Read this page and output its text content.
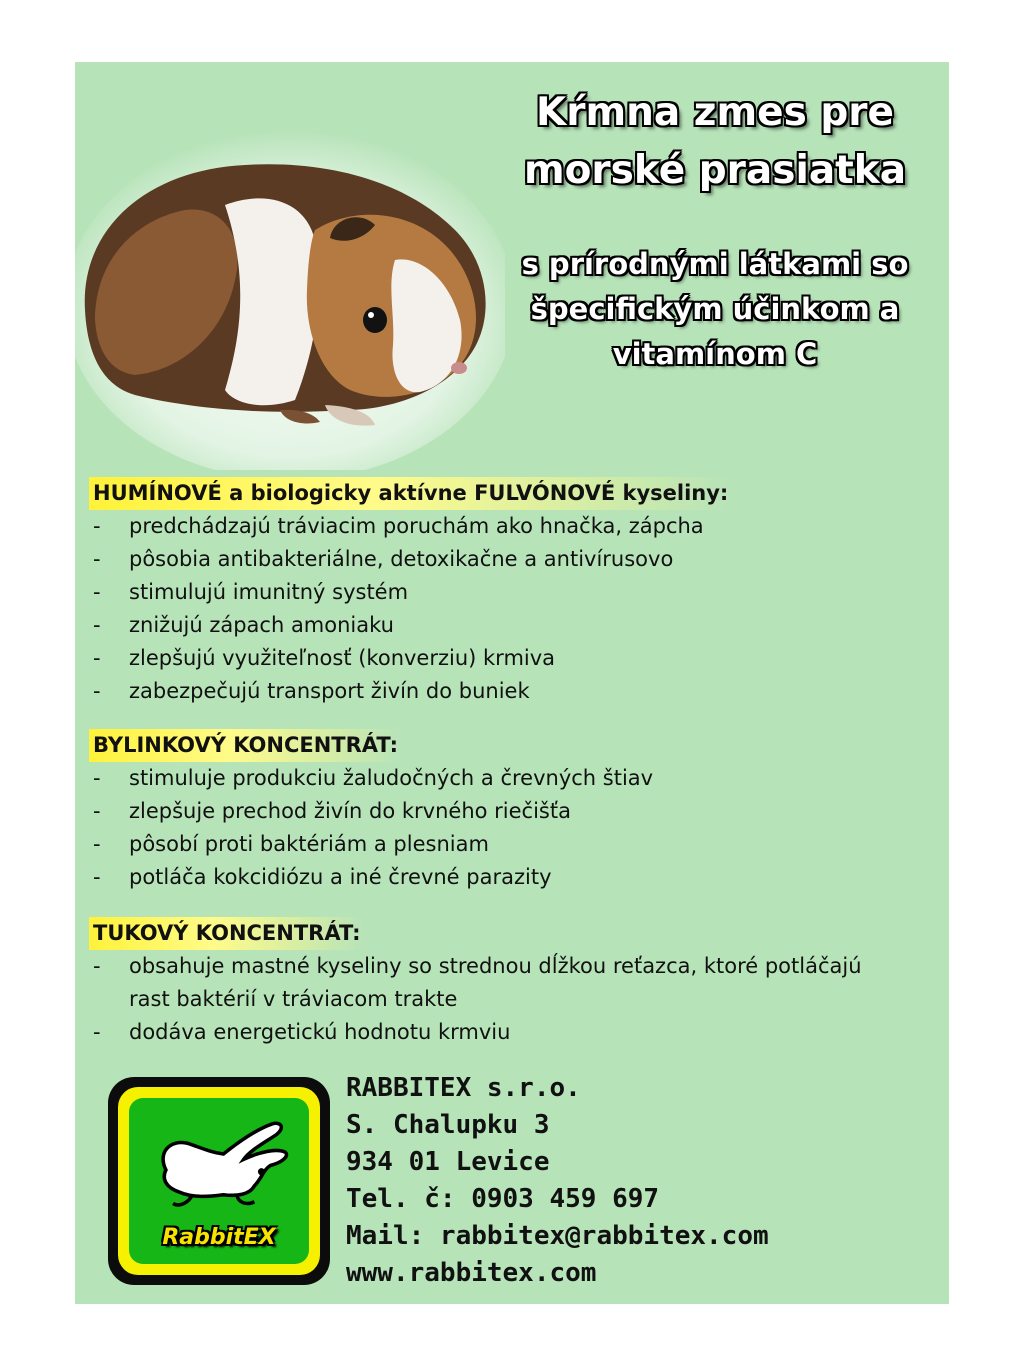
Kŕmna zmes pre
morské prasiatka
s prírodnými látkami so
špecifickým účinkom a
vitamínom C
HUMÍNOVÉ a biologicky aktívne FULVÓNOVÉ kyseliny:
- predchádzajú tráviacim poruchám ako hnačka, zápcha
- pôsobia antibakteriálne, detoxikačne a antivírusovo
- stimulujú imunitný systém
- znižujú zápach amoniaku
- zlepšujú využiteľnosť (konverziu) krmiva
- zabezpečujú transport živín do buniek
BYLINKOVÝ KONCENTRÁT:
- stimuluje produkciu žaludočných a črevných štiav
- zlepšuje prechod živín do krvného riečišťa
- pôsobí proti baktériám a plesniam
- potláča kokcidiózu a iné črevné parazity
TUKOVÝ KONCENTRÁT:
- obsahuje mastné kyseliny so strednou dĺžkou reťazca, ktoré potláčajú rast baktérií v tráviacom trakte
- dodáva energetickú hodnotu krmviu
RabbitEX
RABBITEX s.r.o.
S. Chalupku 3
934 01 Levice
Tel. č: 0903 459 697
Mail: rabbitex@rabbitex.com
www.rabbitex.com
